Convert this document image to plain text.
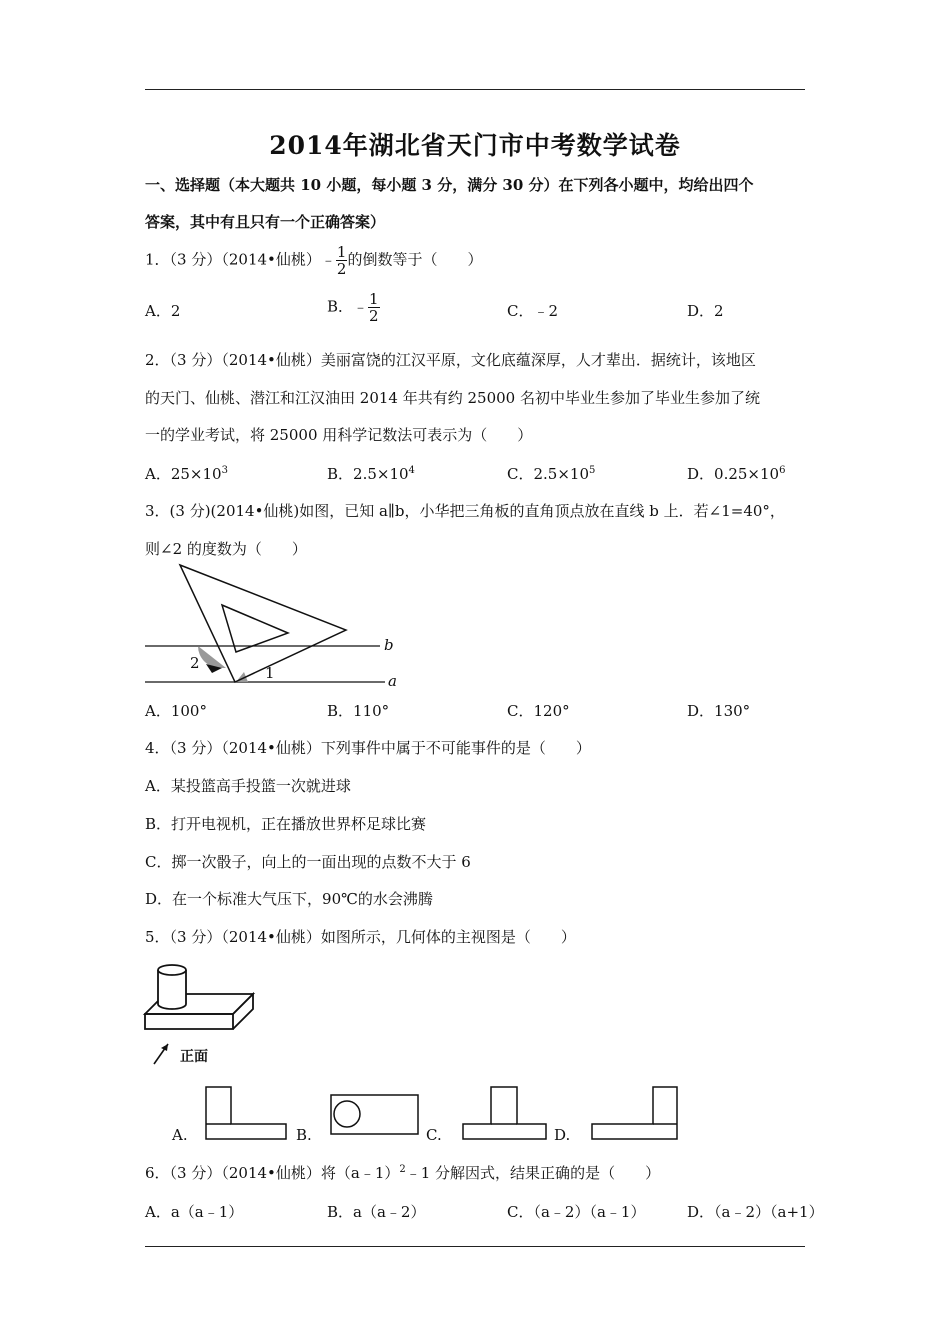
2014年湖北省天门市中考数学试卷
一、选择题（本大题共 10 小题，每小题 3 分，满分 30 分）在下列各小题中，均给出四个
答案，其中有且只有一个正确答案）
1．（3 分）（2014•仙桃）﹣ $\frac{1}{2}$ 的倒数等于（　　）
A．2	B．﹣ $\frac{1}{2}$	C．﹣2	D．2
2．（3 分）（2014•仙桃）美丽富饶的江汉平原，文化底蕴深厚，人才辈出．据统计，该地区
的天门、仙桃、潜江和江汉油田 2014 年共有约 25000 名初中毕业生参加了毕业生参加了统
一的学业考试，将 25000 用科学记数法可表示为（　　）
A．$25\times 10^3$	B．$2.5\times 10^4$	C．$2.5\times 10^5$	D．$0.25\times 10^6$
3．(3 分)(2014•仙桃)如图，已知 a∥b，小华把三角板的直角顶点放在直线 b 上．若∠1=40°，
则∠2 的度数为（　　）
b
a
1
2
A．100°	B．110°	C．120°	D．130°
4．（3 分）（2014•仙桃）下列事件中属于不可能事件的是（　　）
A．某投篮高手投篮一次就进球
B．打开电视机，正在播放世界杯足球比赛
C．掷一次骰子，向上的一面出现的点数不大于 6
D．在一个标准大气压下，90℃的水会沸腾
5．（3 分）（2014•仙桃）如图所示，几何体的主视图是（　　）
正面
A.	B.	C.	D.
6．（3 分）（2014•仙桃）将（a﹣1）$^2$﹣1 分解因式，结果正确的是（　　）
A．a（a﹣1）	B．a（a﹣2）	C．（a﹣2）（a﹣1）	D．（a﹣2）（a+1）
